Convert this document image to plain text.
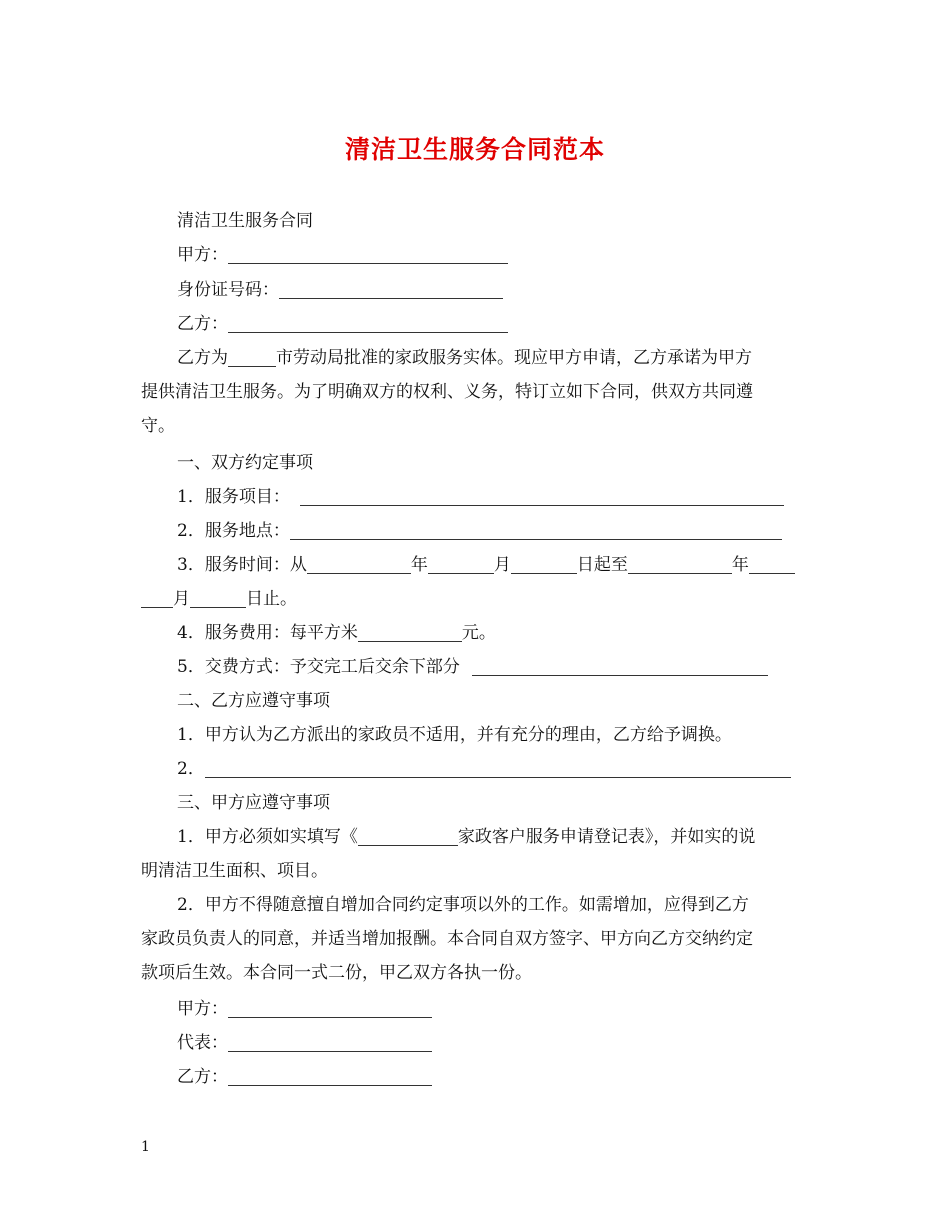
清洁卫生服务合同范本
清洁卫生服务合同
甲方：
身份证号码：
乙方：
乙方为	市劳动局批准的家政服务实体。现应甲方申请，乙方承诺为甲方
提供清洁卫生服务。为了明确双方的权利、义务，特订立如下合同，供双方共同遵
守。
一、双方约定事项
1．服务项目：
2．服务地点：
3．服务时间：从	年	月	日起至	年
月	日止。
4．服务费用：每平方米	元。
5．交费方式：予交完工后交余下部分
二、乙方应遵守事项
1．甲方认为乙方派出的家政员不适用，并有充分的理由，乙方给予调换。
2．
三、甲方应遵守事项
1．甲方必须如实填写《	家政客户服务申请登记表》，并如实的说
明清洁卫生面积、项目。
2．甲方不得随意擅自增加合同约定事项以外的工作。如需增加，应得到乙方
家政员负责人的同意，并适当增加报酬。本合同自双方签字、甲方向乙方交纳约定
款项后生效。本合同一式二份，甲乙双方各执一份。
甲方：
代表：
乙方：
1
